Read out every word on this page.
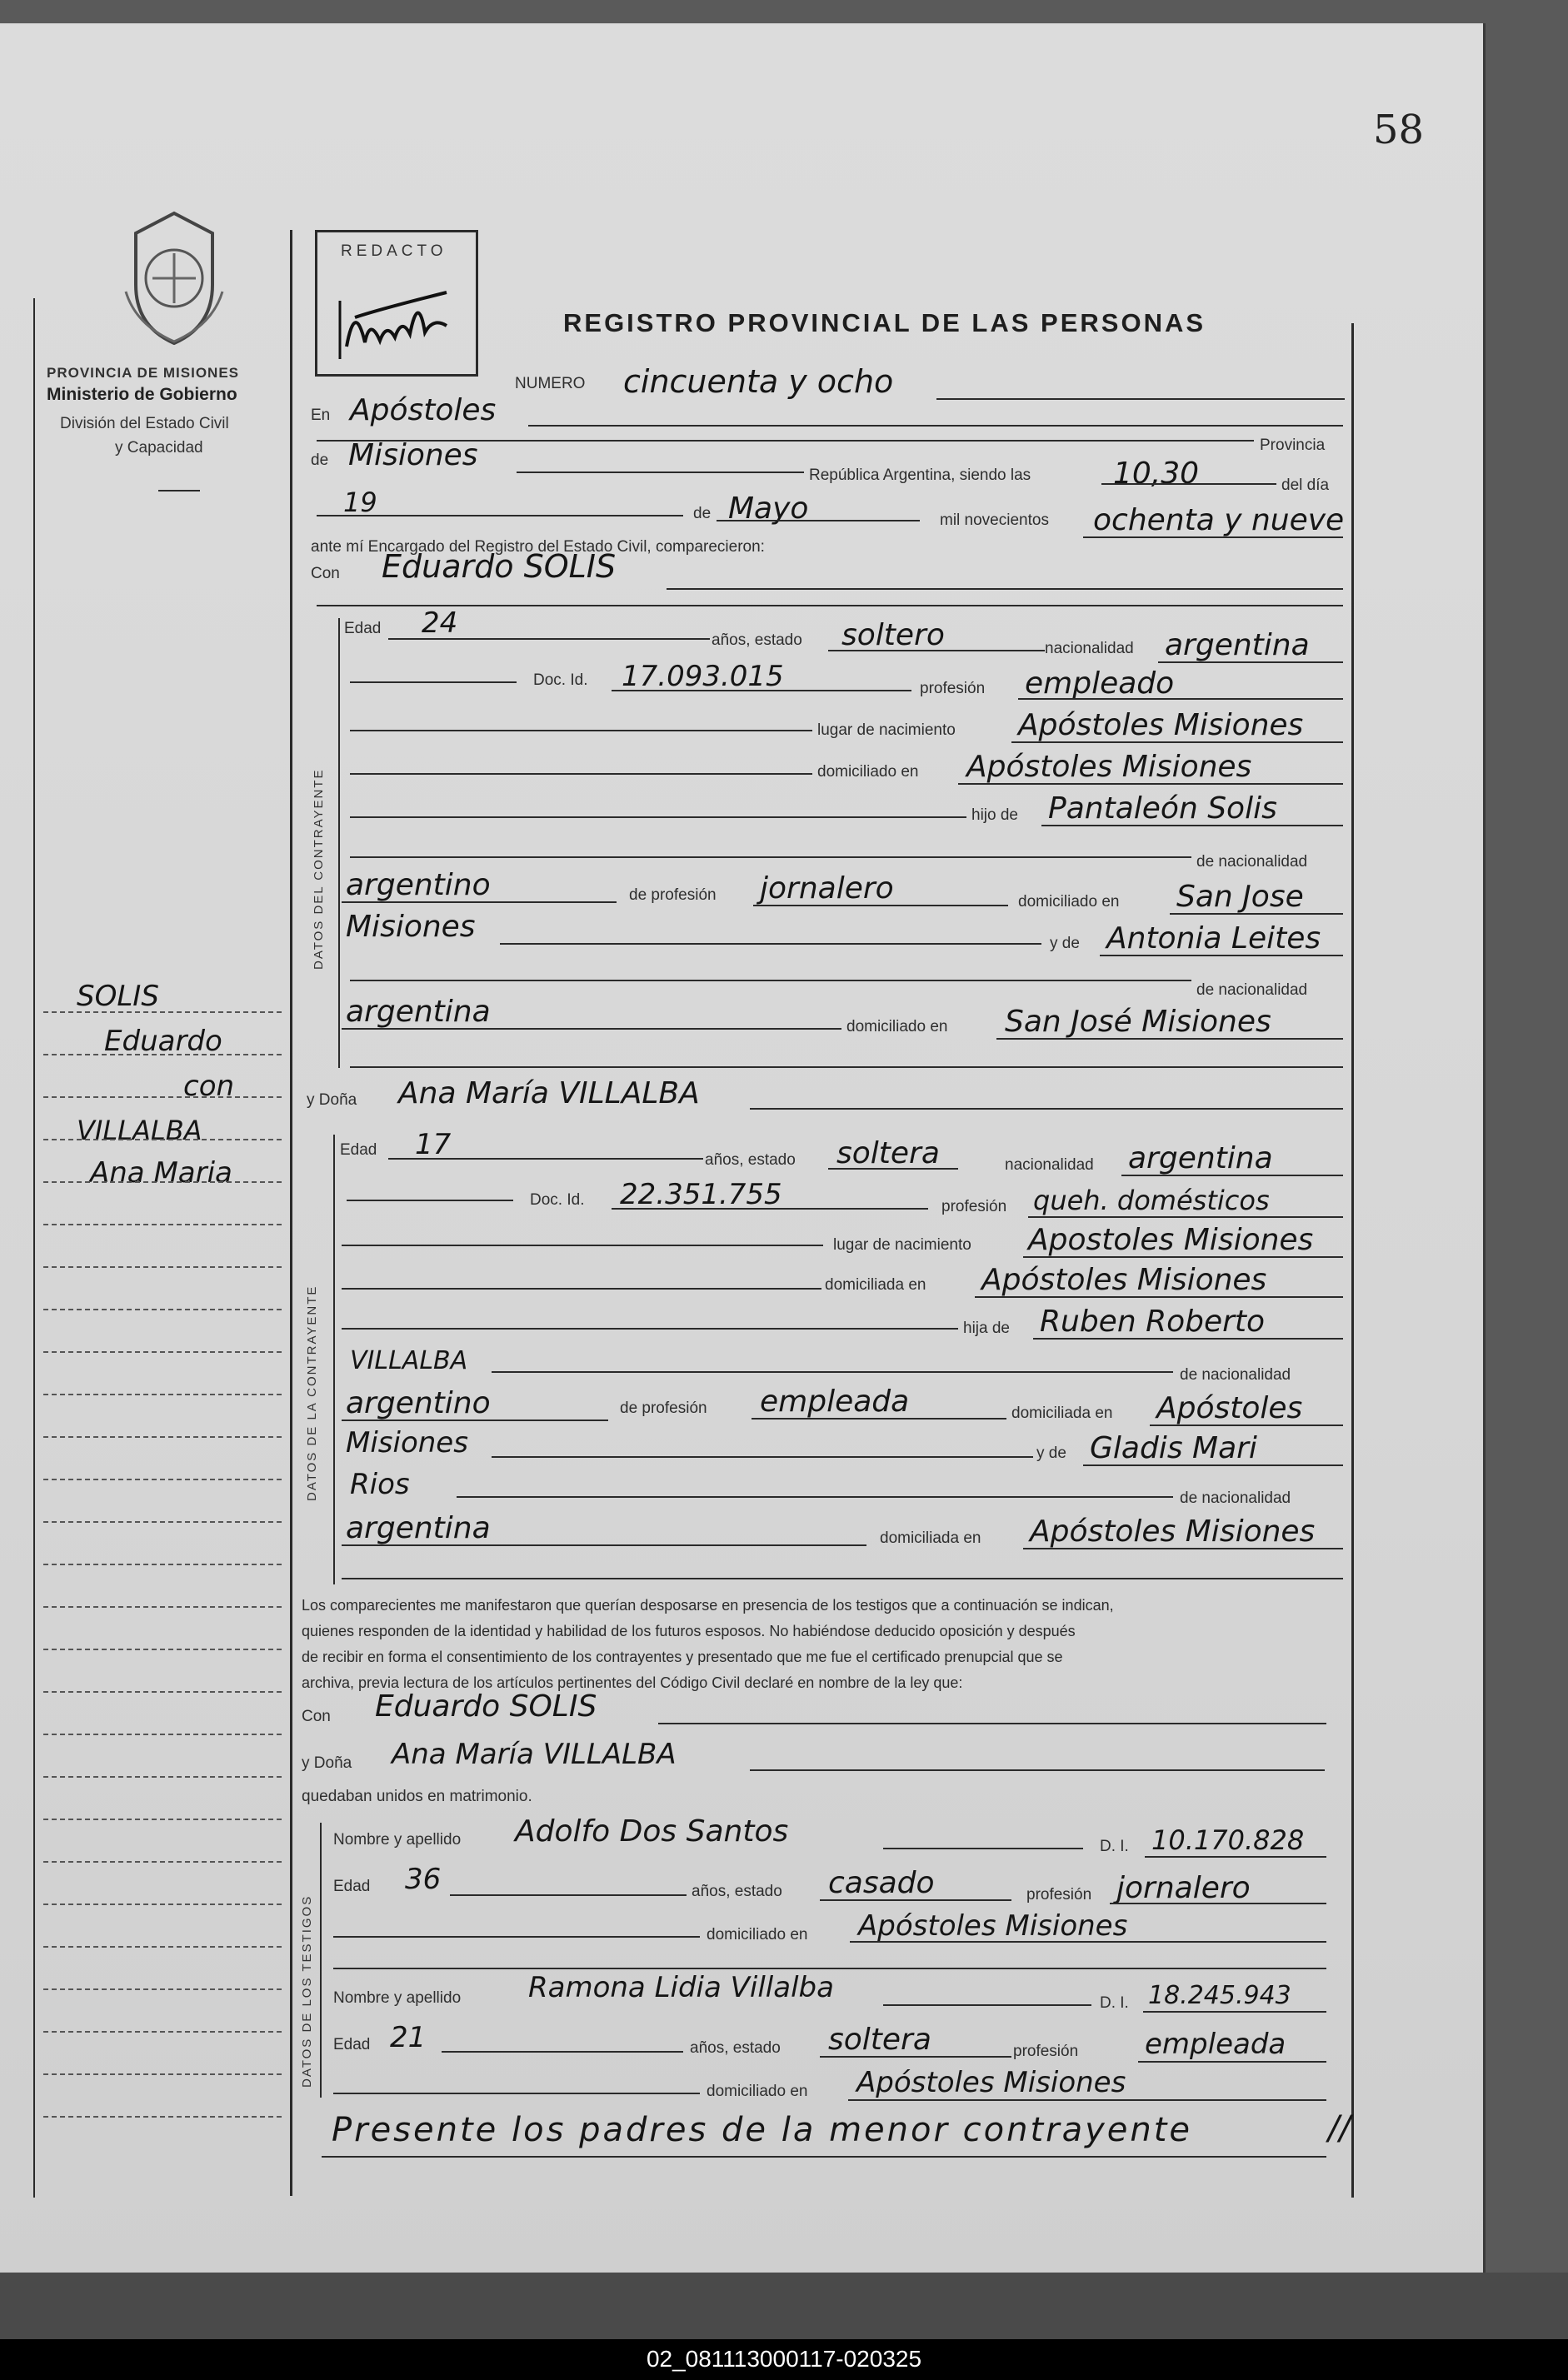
58
PROVINCIA DE MISIONES
Ministerio de Gobierno
División del Estado Civil
y Capacidad
SOLIS
Eduardo
con
VILLALBA
Ana Maria
REDACTO
REGISTRO PROVINCIAL DE LAS PERSONAS
NUMERO cincuenta y ocho
En Apóstoles
Provincia
de Misiones
República Argentina, siendo las	10,30	del día
19	de Mayo	mil novecientos ochenta y nueve
ante mí Encargado del Registro del Estado Civil, comparecieron:
Con Eduardo SOLIS
DATOS DEL CONTRAYENTE
Edad 24
años, estado soltero	nacionalidad argentina
Doc. Id. 17.093.015	profesión empleado
lugar de nacimiento Apóstoles Misiones
domiciliado en Apóstoles Misiones
hijo de Pantaleón Solis
de nacionalidad
argentino	de profesión jornalero	domiciliado en San Jose
Misiones	y de Antonia Leites
de nacionalidad
argentina	domiciliado en San José Misiones
y Doña Ana María VILLALBA
DATOS DE LA CONTRAYENTE
Edad 17	años, estado soltera	nacionalidad argentina
Doc. Id. 22.351.755	profesión queh. domésticos
lugar de nacimiento Apostoles Misiones
domiciliada en Apóstoles Misiones
hija de Ruben Roberto
VILLALBA	de nacionalidad
argentino	de profesión empleada	domiciliada en Apóstoles
Misiones	y de Gladis Mari
Rios	de nacionalidad
argentina	domiciliada en Apóstoles Misiones
Los comparecientes me manifestaron que querían desposarse en presencia de los testigos que a continuación se indican,
quienes responden de la identidad y habilidad de los futuros esposos. No habiéndose deducido oposición y después
de recibir en forma el consentimiento de los contrayentes y presentado que me fue el certificado prenupcial que se
archiva, previa lectura de los artículos pertinentes del Código Civil declaré en nombre de la ley que:
Con Eduardo SOLIS
y Doña Ana María VILLALBA
quedaban unidos en matrimonio.
DATOS DE LOS TESTIGOS
Nombre y apellido Adolfo Dos Santos	D. I. 10.170.828
Edad 36	años, estado casado	profesión jornalero
domiciliado en Apóstoles Misiones
Nombre y apellido Ramona Lidia Villalba	D. I. 18.245.943
Edad 21	años, estado soltera	profesión empleada
domiciliado en Apóstoles Misiones
Presente los padres de la menor contrayente	//
02_081113000117-020325
